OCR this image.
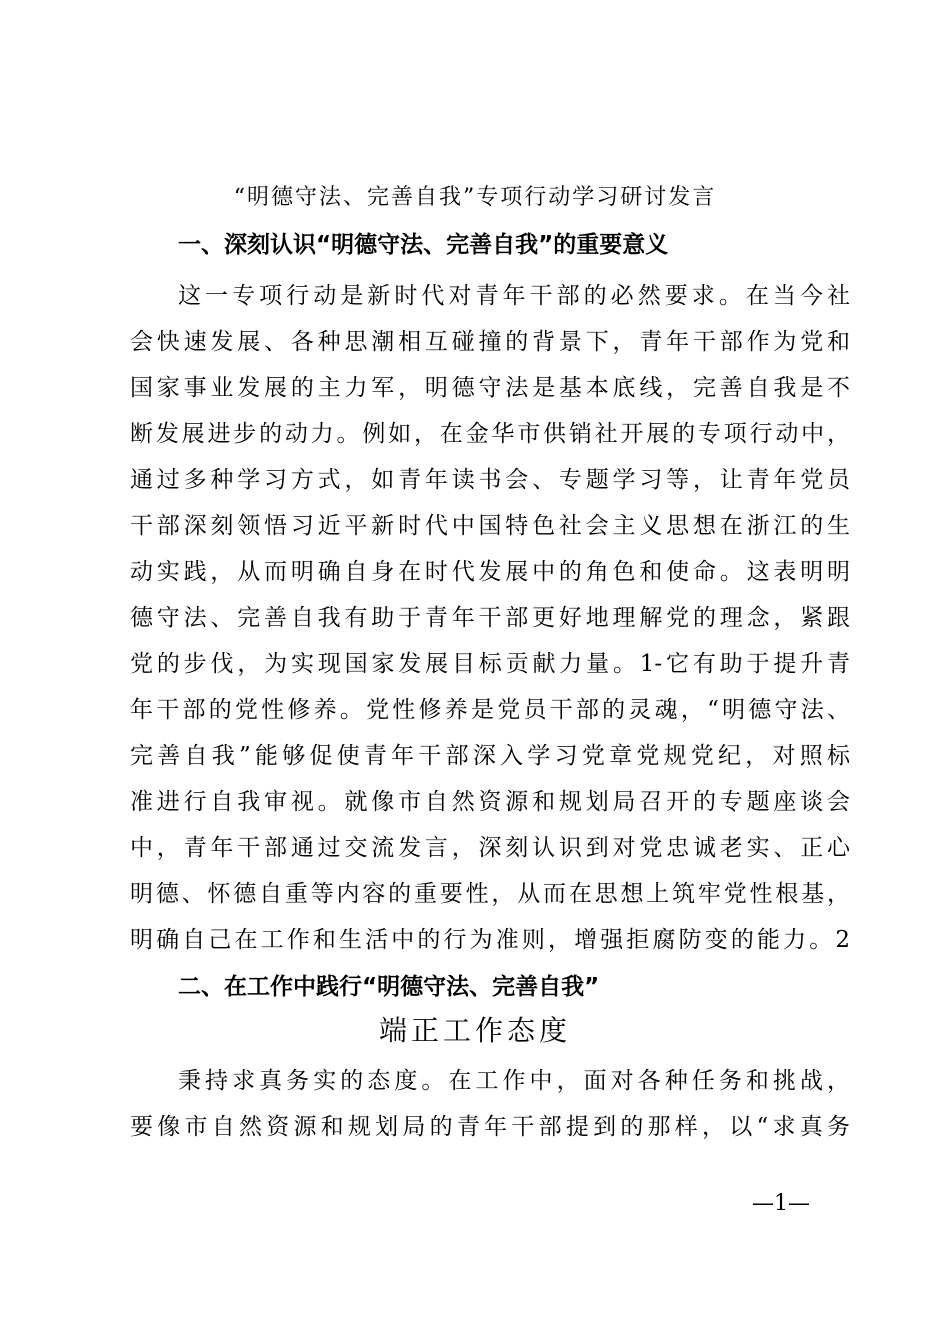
“明德守法、完善自我”专项行动学习研讨发言
一、深刻认识“明德守法、完善自我”的重要意义
这一专项行动是新时代对青年干部的必然要求。在当今社
会快速发展、各种思潮相互碰撞的背景下，青年干部作为党和
国家事业发展的主力军，明德守法是基本底线，完善自我是不
断发展进步的动力。例如，在金华市供销社开展的专项行动中，
通过多种学习方式，如青年读书会、专题学习等，让青年党员
干部深刻领悟习近平新时代中国特色社会主义思想在浙江的生
动实践，从而明确自身在时代发展中的角色和使命。这表明明
德守法、完善自我有助于青年干部更好地理解党的理念，紧跟
党的步伐，为实现国家发展目标贡献力量。1-它有助于提升青
年干部的党性修养。党性修养是党员干部的灵魂，“明德守法、
完善自我”能够促使青年干部深入学习党章党规党纪，对照标
准进行自我审视。就像市自然资源和规划局召开的专题座谈会
中，青年干部通过交流发言，深刻认识到对党忠诚老实、正心
明德、怀德自重等内容的重要性，从而在思想上筑牢党性根基，
明确自己在工作和生活中的行为准则，增强拒腐防变的能力。2
二、在工作中践行“明德守法、完善自我”
端正工作态度
秉持求真务实的态度。在工作中，面对各种任务和挑战，
要像市自然资源和规划局的青年干部提到的那样，以“求真务
—1—
